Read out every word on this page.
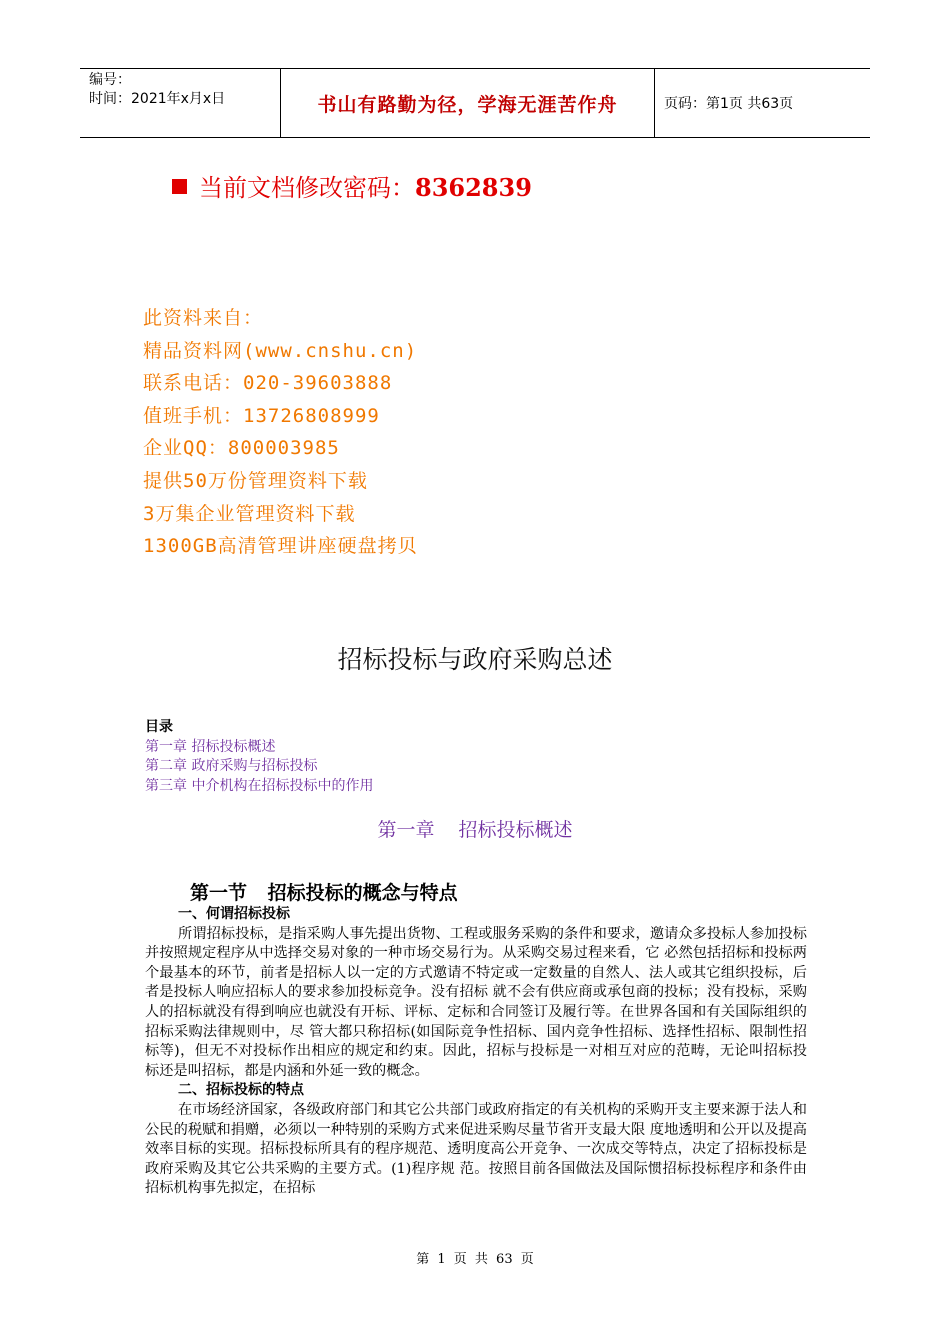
编号：
时间：2021年x月x日	书山有路勤为径，学海无涯苦作舟	页码：第1页 共63页
当前文档修改密码：8362839
此资料来自：
精品资料网(www.cnshu.cn)
联系电话：020-39603888
值班手机：13726808999
企业QQ：800003985
提供50万份管理资料下载
3万集企业管理资料下载
1300GB高清管理讲座硬盘拷贝
招标投标与政府采购总述
目录
第一章 招标投标概述
第二章 政府采购与招标投标
第三章 中介机构在招标投标中的作用
第一章 招标投标概述
第一节 招标投标的概念与特点
一、何谓招标投标

所谓招标投标，是指采购人事先提出货物、工程或服务采购的条件和要求，邀请众多投标人参加投标并按照规定程序从中选择交易对象的一种市场交易行为。从采购交易过程来看，它 必然包括招标和投标两个最基本的环节，前者是招标人以一定的方式邀请不特定或一定数量的自然人、法人或其它组织投标，后者是投标人响应招标人的要求参加投标竞争。没有招标 就不会有供应商或承包商的投标；没有投标，采购人的招标就没有得到响应也就没有开标、评标、定标和合同签订及履行等。在世界各国和有关国际组织的招标采购法律规则中，尽 管大都只称招标(如国际竞争性招标、国内竞争性招标、选择性招标、限制性招标等)，但无不对投标作出相应的规定和约束。因此，招标与投标是一对相互对应的范畴，无论叫招标投 标还是叫招标，都是内涵和外延一致的概念。

二、招标投标的特点

在市场经济国家，各级政府部门和其它公共部门或政府指定的有关机构的采购开支主要来源于法人和公民的税赋和捐赠，必须以一种特别的采购方式来促进采购尽量节省开支最大限 度地透明和公开以及提高效率目标的实现。招标投标所具有的程序规范、透明度高公开竞争、一次成交等特点，决定了招标投标是政府采购及其它公共采购的主要方式。(1)程序规 范。按照目前各国做法及国际惯招标投标程序和条件由招标机构事先拟定，在招标

第 1 页 共 63 页
